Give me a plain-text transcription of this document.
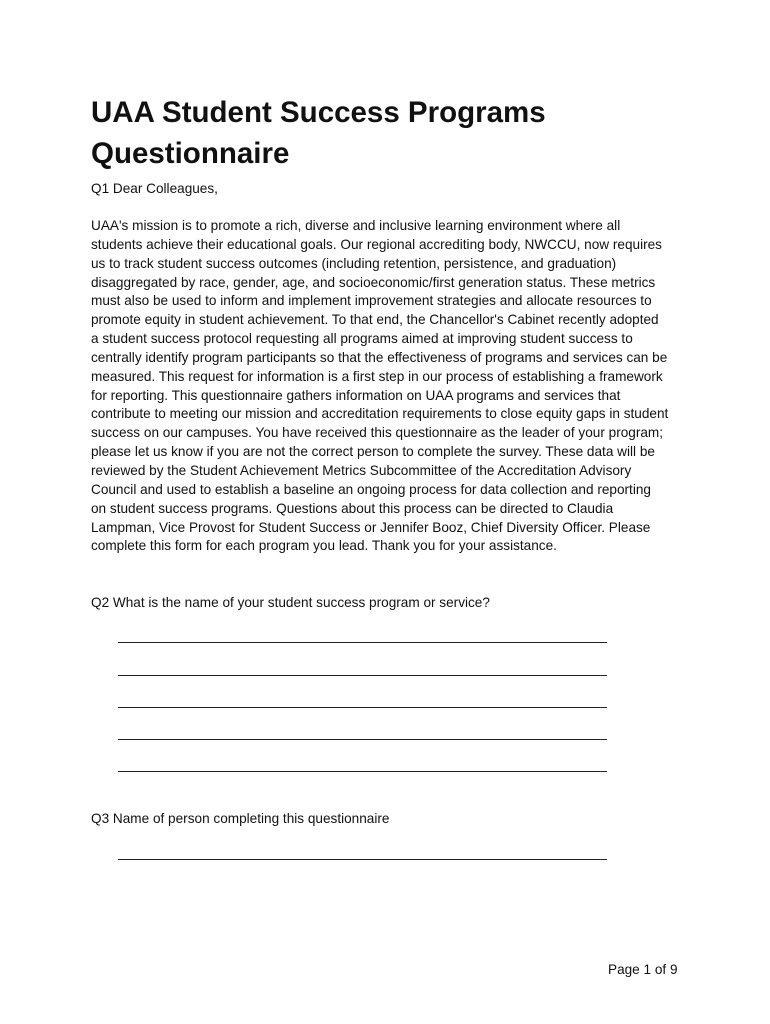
UAA Student Success Programs
Questionnaire

Q1 Dear Colleagues,

UAA's mission is to promote a rich, diverse and inclusive learning environment where all
students achieve their educational goals. Our regional accrediting body, NWCCU, now requires
us to track student success outcomes (including retention, persistence, and graduation)
disaggregated by race, gender, age, and socioeconomic/first generation status. These metrics
must also be used to inform and implement improvement strategies and allocate resources to
promote equity in student achievement. To that end, the Chancellor's Cabinet recently adopted
a student success protocol requesting all programs aimed at improving student success to
centrally identify program participants so that the effectiveness of programs and services can be
measured. This request for information is a first step in our process of establishing a framework
for reporting. This questionnaire gathers information on UAA programs and services that
contribute to meeting our mission and accreditation requirements to close equity gaps in student
success on our campuses. You have received this questionnaire as the leader of your program;
please let us know if you are not the correct person to complete the survey. These data will be
reviewed by the Student Achievement Metrics Subcommittee of the Accreditation Advisory
Council and used to establish a baseline an ongoing process for data collection and reporting
on student success programs. Questions about this process can be directed to Claudia
Lampman, Vice Provost for Student Success or Jennifer Booz, Chief Diversity Officer. Please
complete this form for each program you lead. Thank you for your assistance.

Q2 What is the name of your student success program or service?

Q3 Name of person completing this questionnaire

Page 1 of 9
